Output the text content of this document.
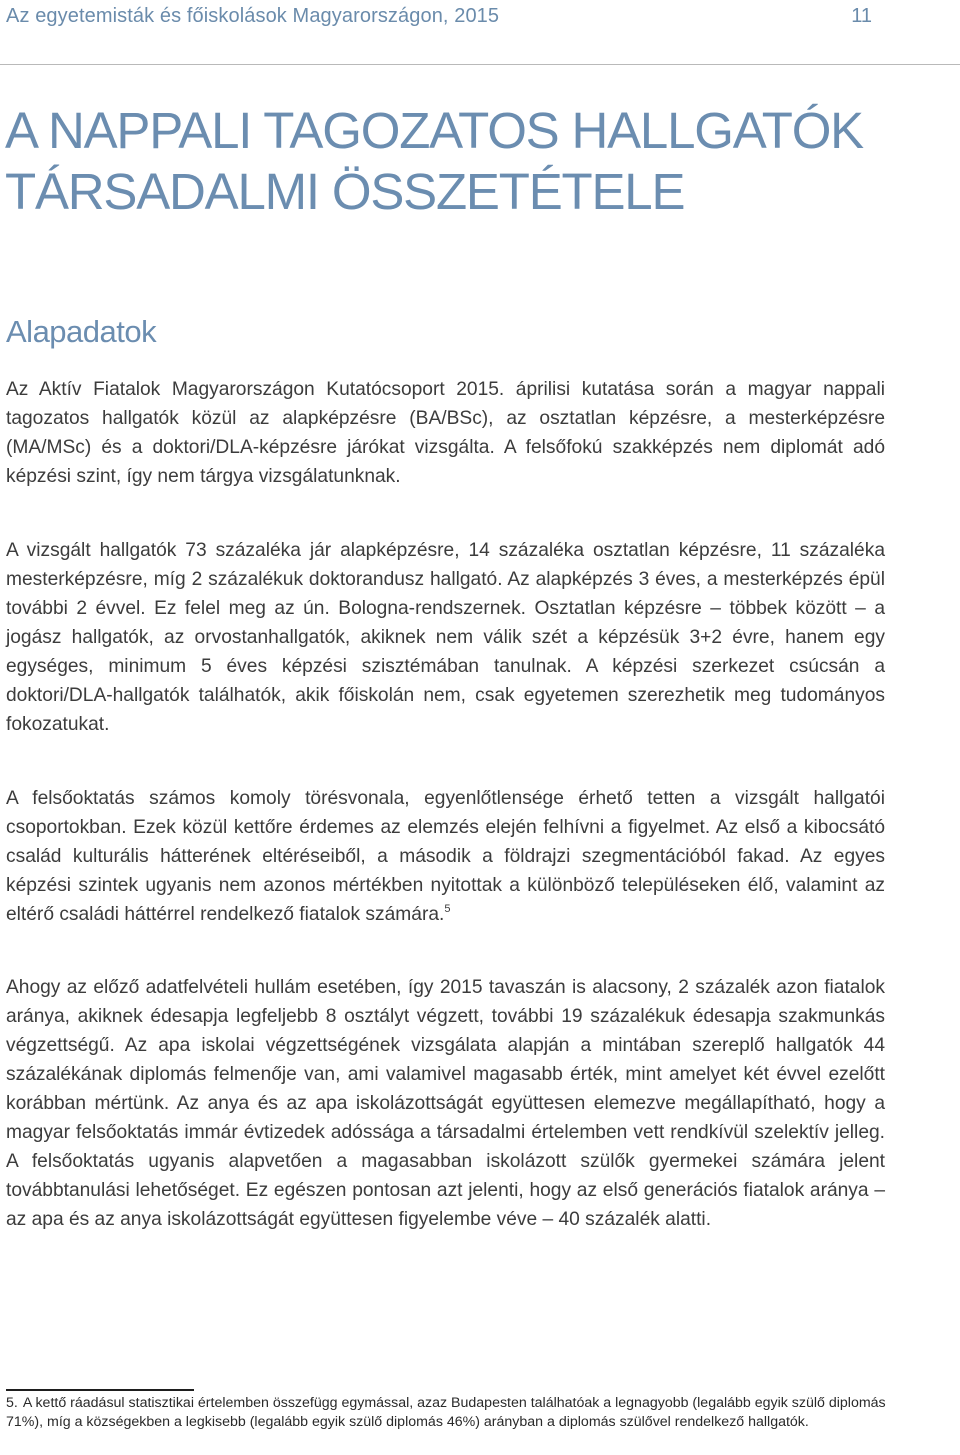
Az egyetemisták és főiskolások Magyarországon, 2015	11
A NAPPALI TAGOZATOS HALLGATÓK
TÁRSADALMI ÖSSZETÉTELE
Alapadatok

Az Aktív Fiatalok Magyarországon Kutatócsoport 2015. áprilisi kutatása során a magyar nappali tagozatos hallgatók közül az alapképzésre (BA/BSc), az osztatlan képzésre, a mesterképzésre (MA/MSc) és a doktori/DLA-képzésre járókat vizsgálta. A felsőfokú szakképzés nem diplomát adó képzési szint, így nem tárgya vizsgálatunknak.

A vizsgált hallgatók 73 százaléka jár alapképzésre, 14 százaléka osztatlan képzésre, 11 százaléka mesterképzésre, míg 2 százalékuk doktorandusz hallgató. Az alapképzés 3 éves, a mesterképzés épül további 2 évvel. Ez felel meg az ún. Bologna-rendszernek. Osztatlan képzésre – többek között – a jogász hallgatók, az orvostanhallgatók, akiknek nem válik szét a képzésük 3+2 évre, hanem egy egységes, minimum 5 éves képzési szisztémában tanulnak. A képzési szerkezet csúcsán a doktori/DLA-hallgatók találhatók, akik főiskolán nem, csak egyetemen szerezhetik meg tudományos fokozatukat.

A felsőoktatás számos komoly törésvonala, egyenlőtlensége érhető tetten a vizsgált hallgatói csoportokban. Ezek közül kettőre érdemes az elemzés elején felhívni a figyelmet. Az első a kibocsátó család kulturális hátterének eltéréseiből, a második a földrajzi szegmentációból fakad. Az egyes képzési szintek ugyanis nem azonos mértékben nyitottak a különböző településeken élő, valamint az eltérő családi háttérrel rendelkező fiatalok számára.$^5$

Ahogy az előző adatfelvételi hullám esetében, így 2015 tavaszán is alacsony, 2 százalék azon fiatalok aránya, akiknek édesapja legfeljebb 8 osztályt végzett, további 19 százalékuk édesapja szakmunkás végzettségű. Az apa iskolai végzettségének vizsgálata alapján a mintában szereplő hallgatók 44 százalékának diplomás felmenője van, ami valamivel magasabb érték, mint amelyet két évvel ezelőtt korábban mértünk. Az anya és az apa iskolázottságát együttesen elemezve megállapítható, hogy a magyar felsőoktatás immár évtizedek adóssága a társadalmi értelemben vett rendkívül szelektív jelleg. A felsőoktatás ugyanis alapvetően a magasabban iskolázott szülők gyermekei számára jelent továbbtanulási lehetőséget. Ez egészen pontosan azt jelenti, hogy az első generációs fiatalok aránya – az apa és az anya iskolázottságát együttesen figyelembe véve – 40 százalék alatti.

5. A kettő ráadásul statisztikai értelemben összefügg egymással, azaz Budapesten találhatóak a legnagyobb (legalább egyik szülő diplomás 71%), míg a községekben a legkisebb (legalább egyik szülő diplomás 46%) arányban a diplomás szülővel rendelkező hallgatók.
